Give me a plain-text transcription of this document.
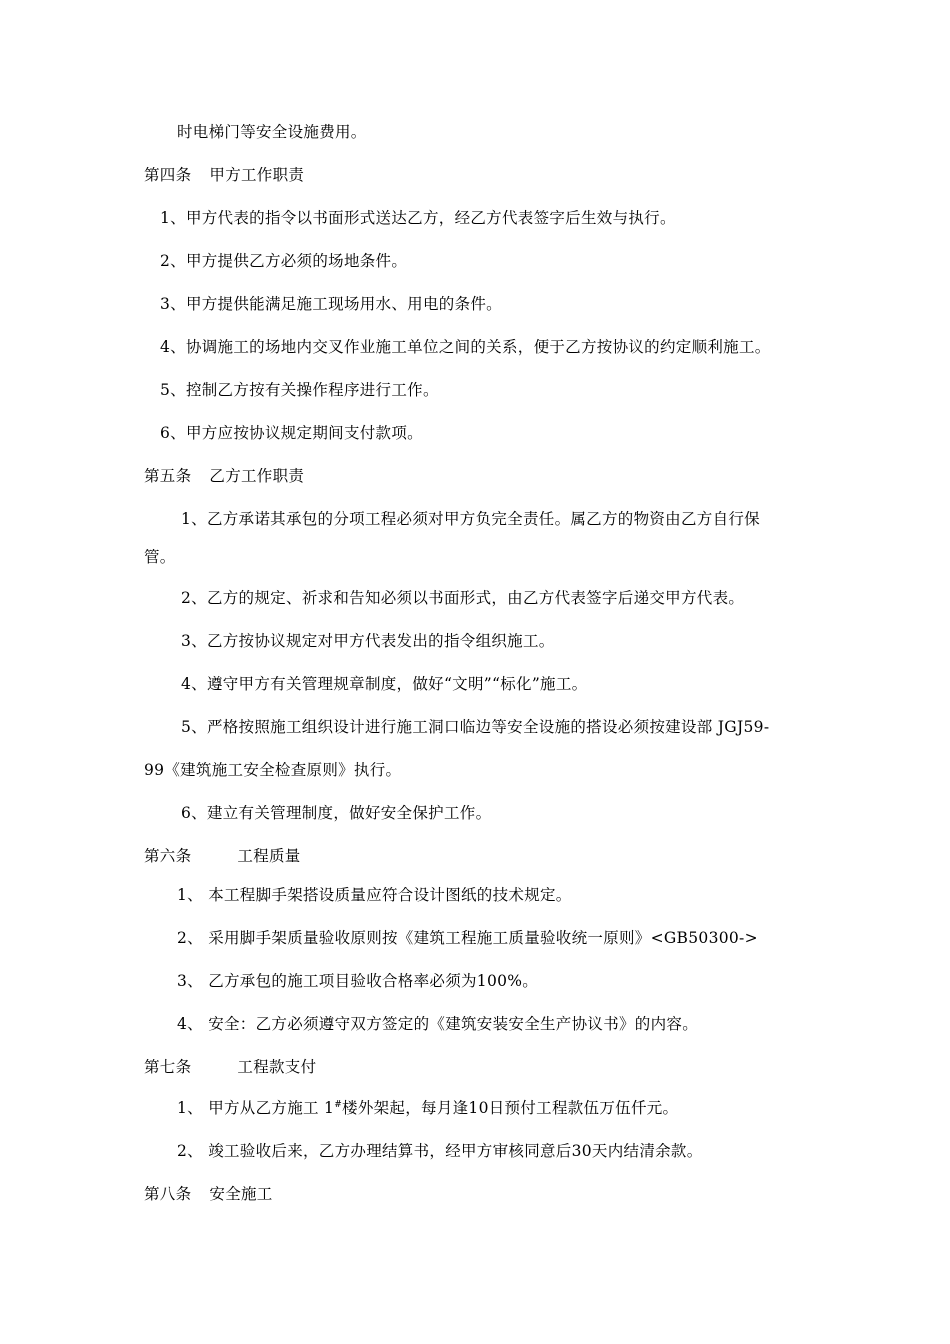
时电梯门等安全设施费用。
第四条 甲方工作职责
1、甲方代表的指令以书面形式送达乙方，经乙方代表签字后生效与执行。
2、甲方提供乙方必须的场地条件。
3、甲方提供能满足施工现场用水、用电的条件。
4、协调施工的场地内交叉作业施工单位之间的关系，便于乙方按协议的约定顺利施工。
5、控制乙方按有关操作程序进行工作。
6、甲方应按协议规定期间支付款项。
第五条 乙方工作职责
1、乙方承诺其承包的分项工程必须对甲方负完全责任。属乙方的物资由乙方自行保
管。
2、乙方的规定、祈求和告知必须以书面形式，由乙方代表签字后递交甲方代表。
3、乙方按协议规定对甲方代表发出的指令组织施工。
4、遵守甲方有关管理规章制度，做好“文明”“标化”施工。
5、严格按照施工组织设计进行施工洞口临边等安全设施的搭设必须按建设部 JGJ59-
99《建筑施工安全检查原则》执行。
6、建立有关管理制度，做好安全保护工作。
第六条	工程质量
1、 本工程脚手架搭设质量应符合设计图纸的技术规定。
2、 采用脚手架质量验收原则按《建筑工程施工质量验收统一原则》<GB50300->
3、 乙方承包的施工项目验收合格率必须为100%。
4、 安全：乙方必须遵守双方签定的《建筑安装安全生产协议书》的内容。
第七条	工程款支付
1、 甲方从乙方施工 1#楼外架起，每月逢10日预付工程款伍万伍仟元。
2、 竣工验收后来，乙方办理结算书，经甲方审核同意后30天内结清余款。
第八条 安全施工
